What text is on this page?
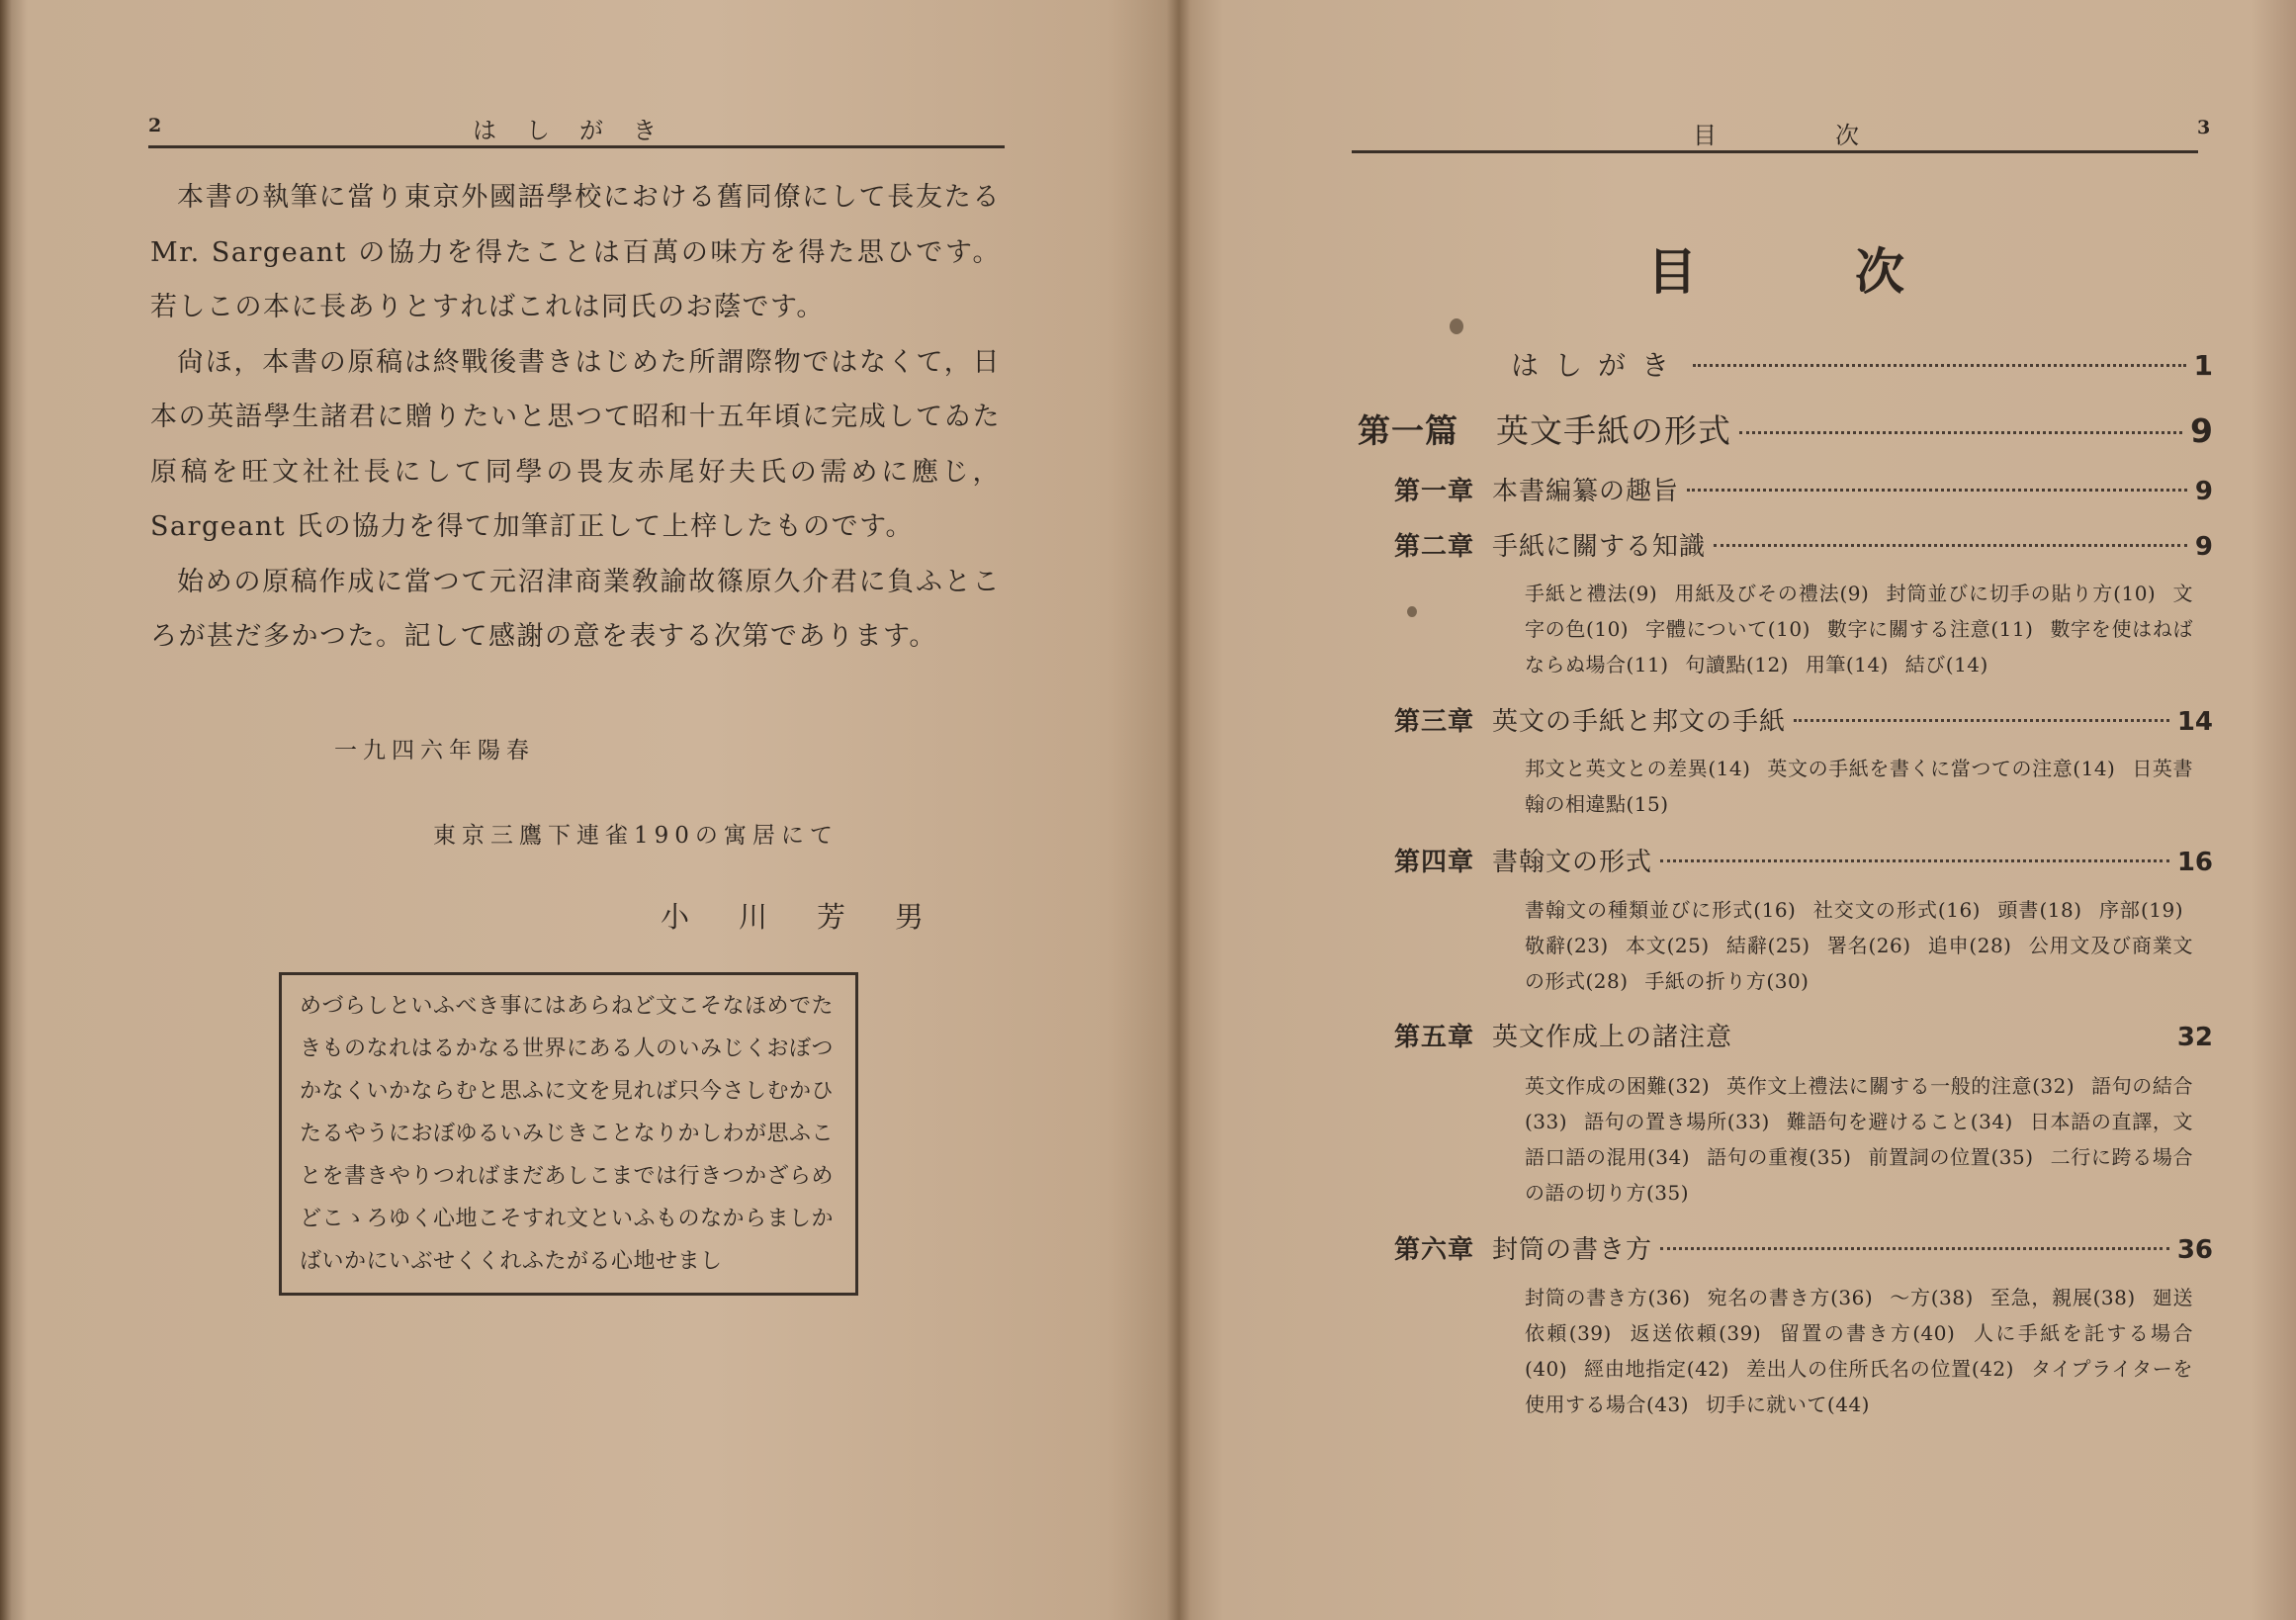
2	はしがき

本書の執筆に當り東京外國語學校における舊同僚にして長友たる Mr. Sargeant の協力を得たことは百萬の味方を得た思ひです。若しこの本に長ありとすればこれは同氏のお蔭です。

尙ほ，本書の原稿は終戰後書きはじめた所謂際物ではなくて，日本の英語學生諸君に贈りたいと思つて昭和十五年頃に完成してゐた原稿を旺文社社長にして同學の畏友赤尾好夫氏の需めに應じ，Sargeant 氏の協力を得て加筆訂正して上梓したものです。

始めの原稿作成に當つて元沼津商業敎諭故篠原久介君に負ふところが甚だ多かつた。記して感謝の意を表する次第であります。

一九四六年陽春
東京三鷹下連雀190の寓居にて
小川芳男

めづらしといふべき事にはあらねど文こそなほめでたきものなれはるかなる世界にある人のいみじくおぼつかなくいかならむと思ふに文を見れば只今さしむかひたるやうにおぼゆるいみじきことなりかしわが思ふことを書きやりつればまだあしこまでは行きつかざらめどこゝろゆく心地こそすれ文といふものなからましかばいかにいぶせくくれふたがる心地せまし

目次	3
目次
はしがき	1
第一篇 英文手紙の形式	9
第一章 本書編纂の趣旨	9
第二章 手紙に關する知識	9
手紙と禮法(9) 用紙及びその禮法(9) 封筒並びに切手の貼り方(10) 文字の色(10) 字體について(10) 數字に關する注意(11) 數字を使はねばならぬ場合(11) 句讀點(12) 用筆(14) 結び(14)
第三章 英文の手紙と邦文の手紙	14
邦文と英文との差異(14) 英文の手紙を書くに當つての注意(14) 日英書翰の相違點(15)
第四章 書翰文の形式	16
書翰文の種類並びに形式(16) 社交文の形式(16) 頭書(18) 序部(19) 敬辭(23) 本文(25) 結辭(25) 署名(26) 追申(28) 公用文及び商業文の形式(28) 手紙の折り方(30)
第五章 英文作成上の諸注意	32
英文作成の困難(32) 英作文上禮法に關する一般的注意(32) 語句の結合(33) 語句の置き場所(33) 難語句を避けること(34) 日本語の直譯，文語口語の混用(34) 語句の重複(35) 前置詞の位置(35) 二行に跨る場合の語の切り方(35)
第六章 封筒の書き方	36
封筒の書き方(36) 宛名の書き方(36) 〜方(38) 至急，親展(38) 廻送依頼(39) 返送依頼(39) 留置の書き方(40) 人に手紙を託する場合(40) 經由地指定(42) 差出人の住所氏名の位置(42) タイプライターを使用する場合(43) 切手に就いて(44)
